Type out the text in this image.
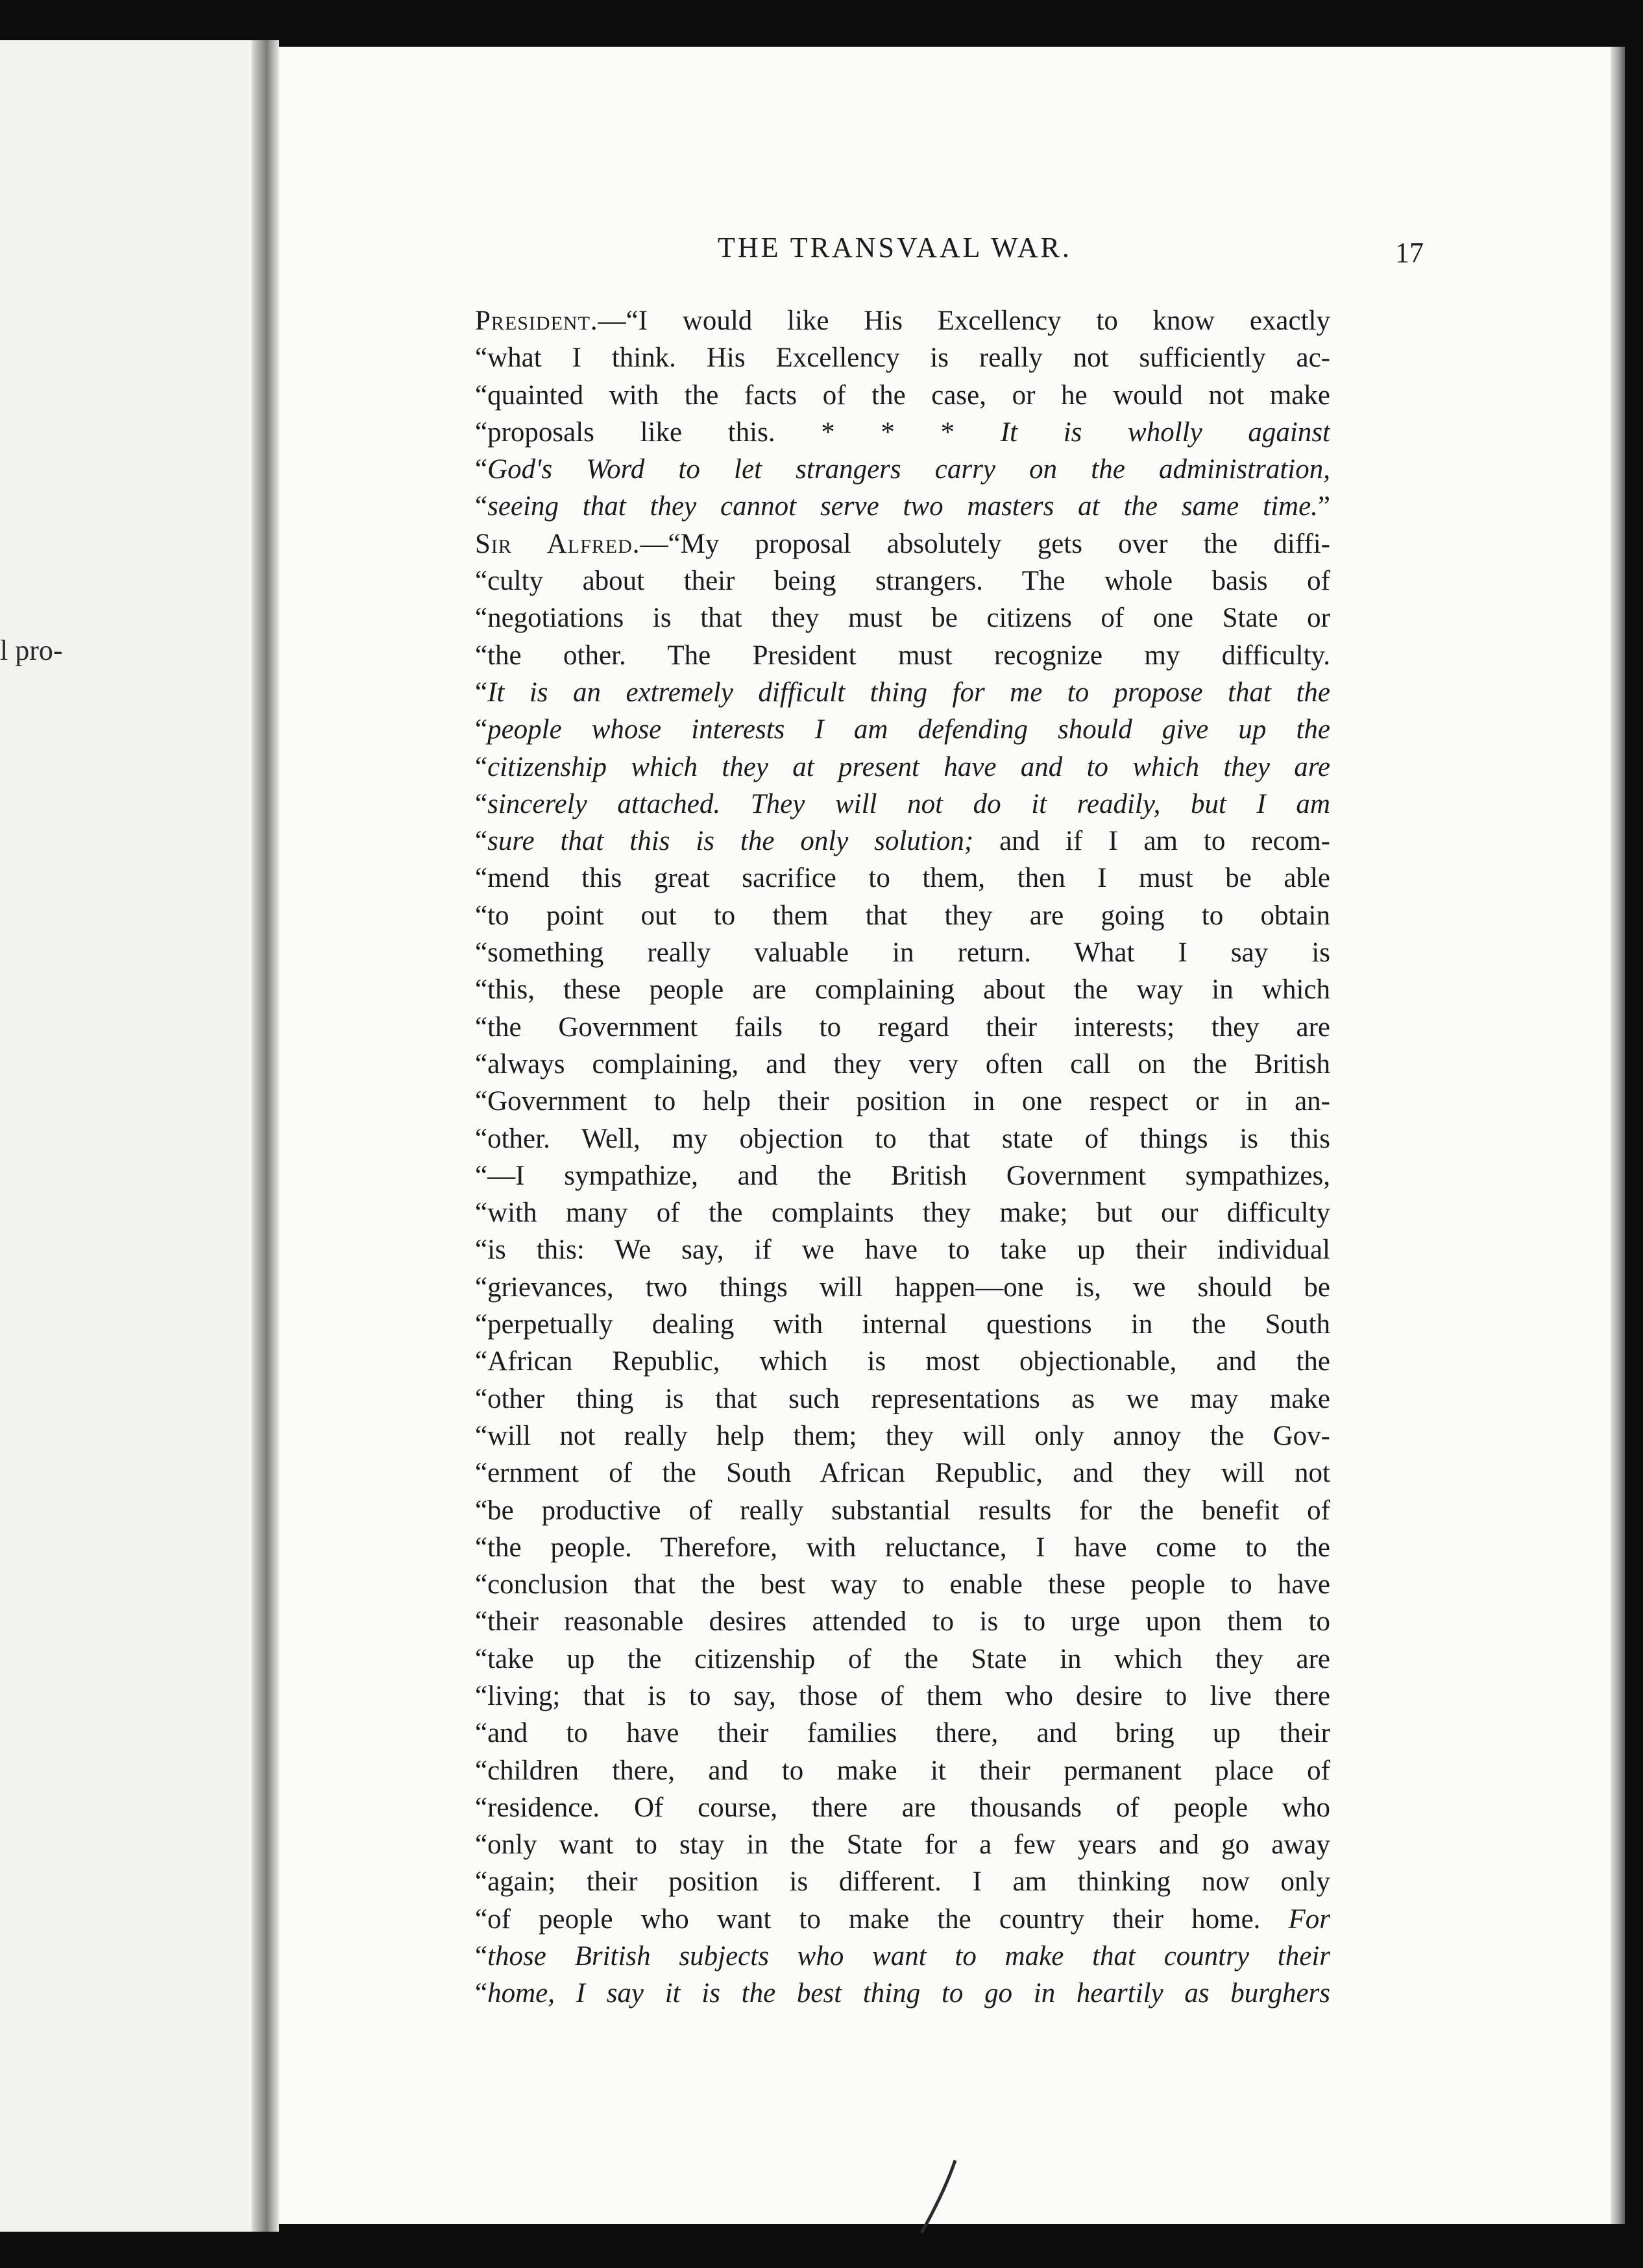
l pro-
THE TRANSVAAL WAR.	17
President.—“I would like His Excellency to know exactly
“what I think. His Excellency is really not sufficiently ac-
“quainted with the facts of the case, or he would not make
“proposals like this. * * * It is wholly against
“God's Word to let strangers carry on the administration,
“seeing that they cannot serve two masters at the same time.”
Sir Alfred.—“My proposal absolutely gets over the diffi-
“culty about their being strangers. The whole basis of
“negotiations is that they must be citizens of one State or
“the other. The President must recognize my difficulty.
“It is an extremely difficult thing for me to propose that the
“people whose interests I am defending should give up the
“citizenship which they at present have and to which they are
“sincerely attached. They will not do it readily, but I am
“sure that this is the only solution; and if I am to recom-
“mend this great sacrifice to them, then I must be able
“to point out to them that they are going to obtain
“something really valuable in return. What I say is
“this, these people are complaining about the way in which
“the Government fails to regard their interests; they are
“always complaining, and they very often call on the British
“Government to help their position in one respect or in an-
“other. Well, my objection to that state of things is this
“—I sympathize, and the British Government sympathizes,
“with many of the complaints they make; but our difficulty
“is this: We say, if we have to take up their individual
“grievances, two things will happen—one is, we should be
“perpetually dealing with internal questions in the South
“African Republic, which is most objectionable, and the
“other thing is that such representations as we may make
“will not really help them; they will only annoy the Gov-
“ernment of the South African Republic, and they will not
“be productive of really substantial results for the benefit of
“the people. Therefore, with reluctance, I have come to the
“conclusion that the best way to enable these people to have
“their reasonable desires attended to is to urge upon them to
“take up the citizenship of the State in which they are
“living; that is to say, those of them who desire to live there
“and to have their families there, and bring up their
“children there, and to make it their permanent place of
“residence. Of course, there are thousands of people who
“only want to stay in the State for a few years and go away
“again; their position is different. I am thinking now only
“of people who want to make the country their home. For
“those British subjects who want to make that country their
“home, I say it is the best thing to go in heartily as burghers
